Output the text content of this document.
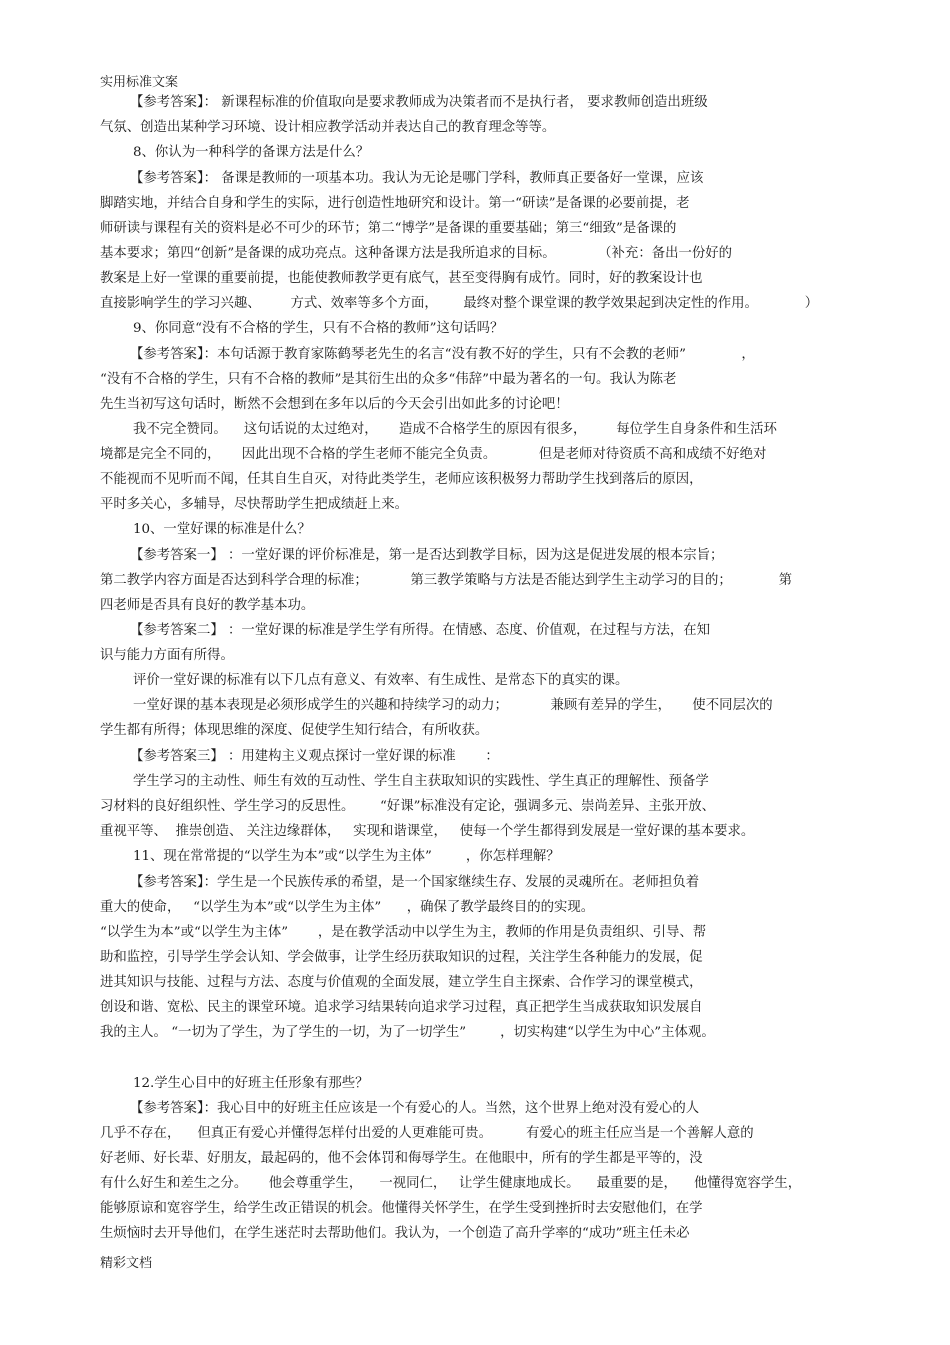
实用标准文案
【参考答案】： 新课程标准的价值取向是要求教师成为决策者而不是执行者， 要求教师创造出班级
气氛、创造出某种学习环境、设计相应教学活动并表达自己的教育理念等等。
8、你认为一种科学的备课方法是什么？
【参考答案】： 备课是教师的一项基本功。我认为无论是哪门学科，教师真正要备好一堂课，应该
脚踏实地，并结合自身和学生的实际，进行创造性地研究和设计。第一“研读”是备课的必要前提，老
师研读与课程有关的资料是必不可少的环节；第二“博学”是备课的重要基础；第三“细致”是备课的
基本要求；第四“创新”是备课的成功亮点。这种备课方法是我所追求的目标。          （补充：备出一份好的
教案是上好一堂课的重要前提，也能使教师教学更有底气，甚至变得胸有成竹。同时，好的教案设计也
直接影响学生的学习兴趣、       方式、效率等多个方面，      最终对整个课堂课的教学效果起到决定性的作用。           ）
9、你同意“没有不合格的学生，只有不合格的教师”这句话吗？
【参考答案】：本句话源于教育家陈鹤琴老先生的名言“没有教不好的学生，只有不会教的老师”             ，
“没有不合格的学生，只有不合格的教师”是其衍生出的众多“伟辞”中最为著名的一句。我认为陈老
先生当初写这句话时，断然不会想到在多年以后的今天会引出如此多的讨论吧！
我不完全赞同。    这句话说的太过绝对，     造成不合格学生的原因有很多，       每位学生自身条件和生活环
境都是完全不同的，     因此出现不合格的学生老师不能完全负责。          但是老师对待资质不高和成绩不好绝对
不能视而不见听而不闻，任其自生自灭，对待此类学生，老师应该积极努力帮助学生找到落后的原因，
平时多关心，多辅导，尽快帮助学生把成绩赶上来。
10、一堂好课的标准是什么？
【参考答案一】 ：一堂好课的评价标准是，第一是否达到教学目标，因为这是促进发展的根本宗旨；
第二教学内容方面是否达到科学合理的标准；          第三教学策略与方法是否能达到学生主动学习的目的；           第
四老师是否具有良好的教学基本功。
【参考答案二】 ：一堂好课的标准是学生学有所得。在情感、态度、价值观，在过程与方法，在知
识与能力方面有所得。
评价一堂好课的标准有以下几点有意义、有效率、有生成性、是常态下的真实的课。
一堂好课的基本表现是必须形成学生的兴趣和持续学习的动力；          兼顾有差异的学生，     使不同层次的
学生都有所得；体现思维的深度、促使学生知行结合，有所收获。
【参考答案三】 ：用建构主义观点探讨一堂好课的标准       ：
学生学习的主动性、师生有效的互动性、学生自主获取知识的实践性、学生真正的理解性、预备学
习材料的良好组织性、学生学习的反思性。      “好课”标准没有定论，强调多元、崇尚差异、主张开放、
重视平等、  推崇创造、 关注边缘群体，   实现和谐课堂，   使每一个学生都得到发展是一堂好课的基本要求。
11、现在常常提的“以学生为本”或“以学生为主体”        ，你怎样理解？
【参考答案】：学生是一个民族传承的希望，是一个国家继续生存、发展的灵魂所在。老师担负着
重大的使命，   “以学生为本”或“以学生为主体”      ，确保了教学最终目的的实现。
“以学生为本”或“以学生为主体”       ，是在教学活动中以学生为主，教师的作用是负责组织、引导、帮
助和监控，引导学生学会认知、学会做事，让学生经历获取知识的过程，关注学生各种能力的发展，促
进其知识与技能、过程与方法、态度与价值观的全面发展，建立学生自主探索、合作学习的课堂模式，
创设和谐、宽松、民主的课堂环境。追求学习结果转向追求学习过程，真正把学生当成获取知识发展自
我的主人。 “一切为了学生，为了学生的一切，为了一切学生”        ，切实构建“以学生为中心”主体观。
12.学生心目中的好班主任形象有那些？
【参考答案】：我心目中的好班主任应该是一个有爱心的人。当然，这个世界上绝对没有爱心的人
几乎不存在，    但真正有爱心并懂得怎样付出爱的人更难能可贵。        有爱心的班主任应当是一个善解人意的
好老师、好长辈、好朋友，最起码的，他不会体罚和侮辱学生。在他眼中，所有的学生都是平等的，没
有什么好生和差生之分。     他会尊重学生，    一视同仁，   让学生健康地成长。    最重要的是，    他懂得宽容学生，
能够原谅和宽容学生，给学生改正错误的机会。他懂得关怀学生，在学生受到挫折时去安慰他们，在学
生烦恼时去开导他们，在学生迷茫时去帮助他们。我认为，一个创造了高升学率的“成功”班主任未必
精彩文档
